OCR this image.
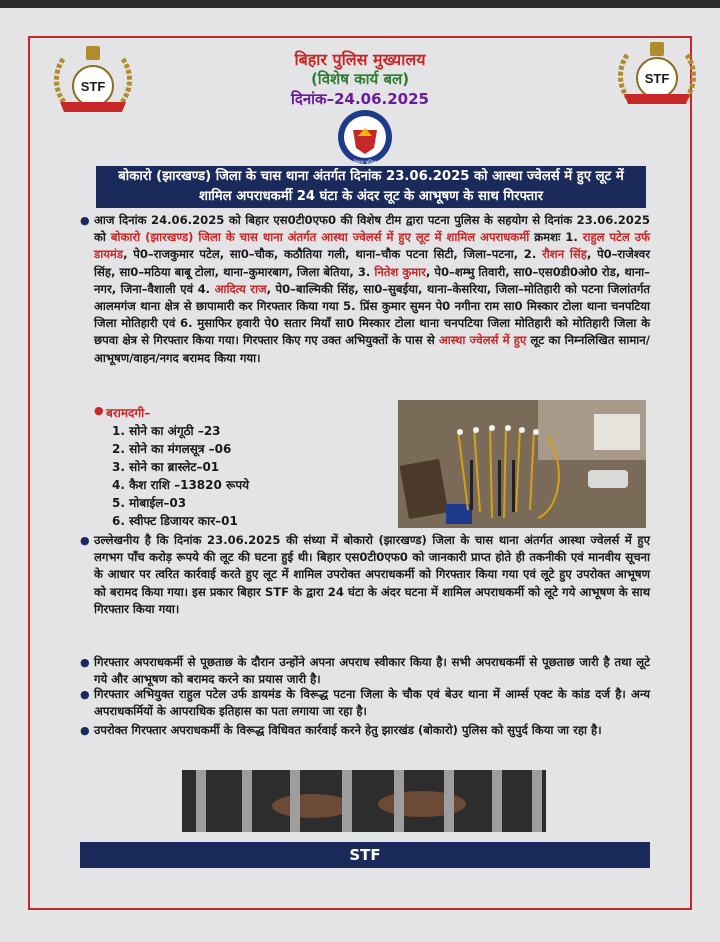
STF
STF
बिहार पुलिस मुख्यालय
(विशेष कार्य बल)
दिनांक–24.06.2025
बिहार पुलिस
बोकारो (झारखण्ड) जिला के चास थाना अंतर्गत दिनांक 23.06.2025 को आस्था ज्वेलर्स में हुए लूट में शामिल अपराधकर्मी 24 घंटा के अंदर लूट के आभूषण के साथ गिरफ्तार
● आज दिनांक 24.06.2025 को बिहार एस0टी0एफ0 की विशेष टीम द्वारा पटना पुलिस के सहयोग से दिनांक 23.06.2025 को बोकारो (झारखण्ड) जिला के चास थाना अंतर्गत आस्था ज्वेलर्स में हुए लूट में शामिल अपराधकर्मी क्रमशः 1. राहुल पटेल उर्फ डायमंड, पे0–राजकुमार पटेल, सा0–चौक, कठौतिया गली, थाना–चौक पटना सिटी, जिला–पटना, 2. रौशन सिंह, पे0–राजेश्वर सिंह, सा0–मठिया बाबू टोला, थाना–कुमारबाग, जिला बेतिया, 3. नितेश कुमार, पे0–शम्भु तिवारी, सा0–एस0डी0ओ0 रोड, थाना–नगर, जिना–वैशाली एवं 4. आदित्य राज, पे0–बाल्मिकी सिंह, सा0–सुबईया, थाना–केसरिया, जिला–मोतिहारी को पटना जिलांतर्गत आलमगंज थाना क्षेत्र से छापामारी कर गिरफ्तार किया गया 5. प्रिंस कुमार सुमन पे0 नगीना राम सा0 मिस्कार टोला थाना चनपटिया जिला मोतिहारी एवं 6. मुसाफिर हवारी पे0 सतार मियाँ सा0 मिस्कार टोला थाना चनपटिया जिला मोतिहारी को मोतिहारी जिला के छपवा क्षेत्र से गिरफ्तार किया गया। गिरफ्तार किए गए उक्त अभियुक्तों के पास से आस्था ज्वेलर्स में हुए लूट का निम्नलिखित सामान/आभूषण/वाहन/नगद बरामद किया गया।
● बरामदगी–
1. सोने का अंगूठी –23
2. सोने का मंगलसूत्र –06
3. सोने का ब्रास्लेट–01
4. कैश राशि –13820 रूपये
5. मोबाईल–03
6. स्वीफ्ट डिजायर कार–01
● उल्लेखनीय है कि दिनांक 23.06.2025 की संध्या में बोकारो (झारखण्ड) जिला के चास थाना अंतर्गत आस्था ज्वेलर्स में हुए लगभग पाँच करोड़ रूपये की लूट की घटना हुई थी। बिहार एस0टी0एफ0 को जानकारी प्राप्त होते ही तकनीकी एवं मानवीय सूचना के आधार पर त्वरित कार्रवाई करते हुए लूट में शामिल उपरोक्त अपराधकर्मी को गिरफ्तार किया गया एवं लूटे हुए उपरोक्त आभूषण को बरामद किया गया। इस प्रकार बिहार STF के द्वारा 24 घंटा के अंदर घटना में शामिल अपराधकर्मी को लूटे गये आभूषण के साथ गिरफ्तार किया गया।
● गिरफ्तार अपराधकर्मी से पूछताछ के दौरान उन्होंने अपना अपराध स्वीकार किया है। सभी अपराधकर्मी से पूछताछ जारी है तथा लूटे गये और आभूषण को बरामद करने का प्रयास जारी है।
● गिरफ्तार अभियुक्त राहुल पटेल उर्फ डायमंड के विरूद्ध पटना जिला के चौक एवं बेउर थाना में आर्म्स एक्ट के कांड दर्ज है। अन्य अपराधकर्मियों के आपराधिक इतिहास का पता लगाया जा रहा है।
● उपरोक्त गिरफ्तार अपराधकर्मी के विरूद्ध विधिवत कार्रवाई करने हेतु झारखंड (बोकारो) पुलिस को सुपुर्द किया जा रहा है।
STF
